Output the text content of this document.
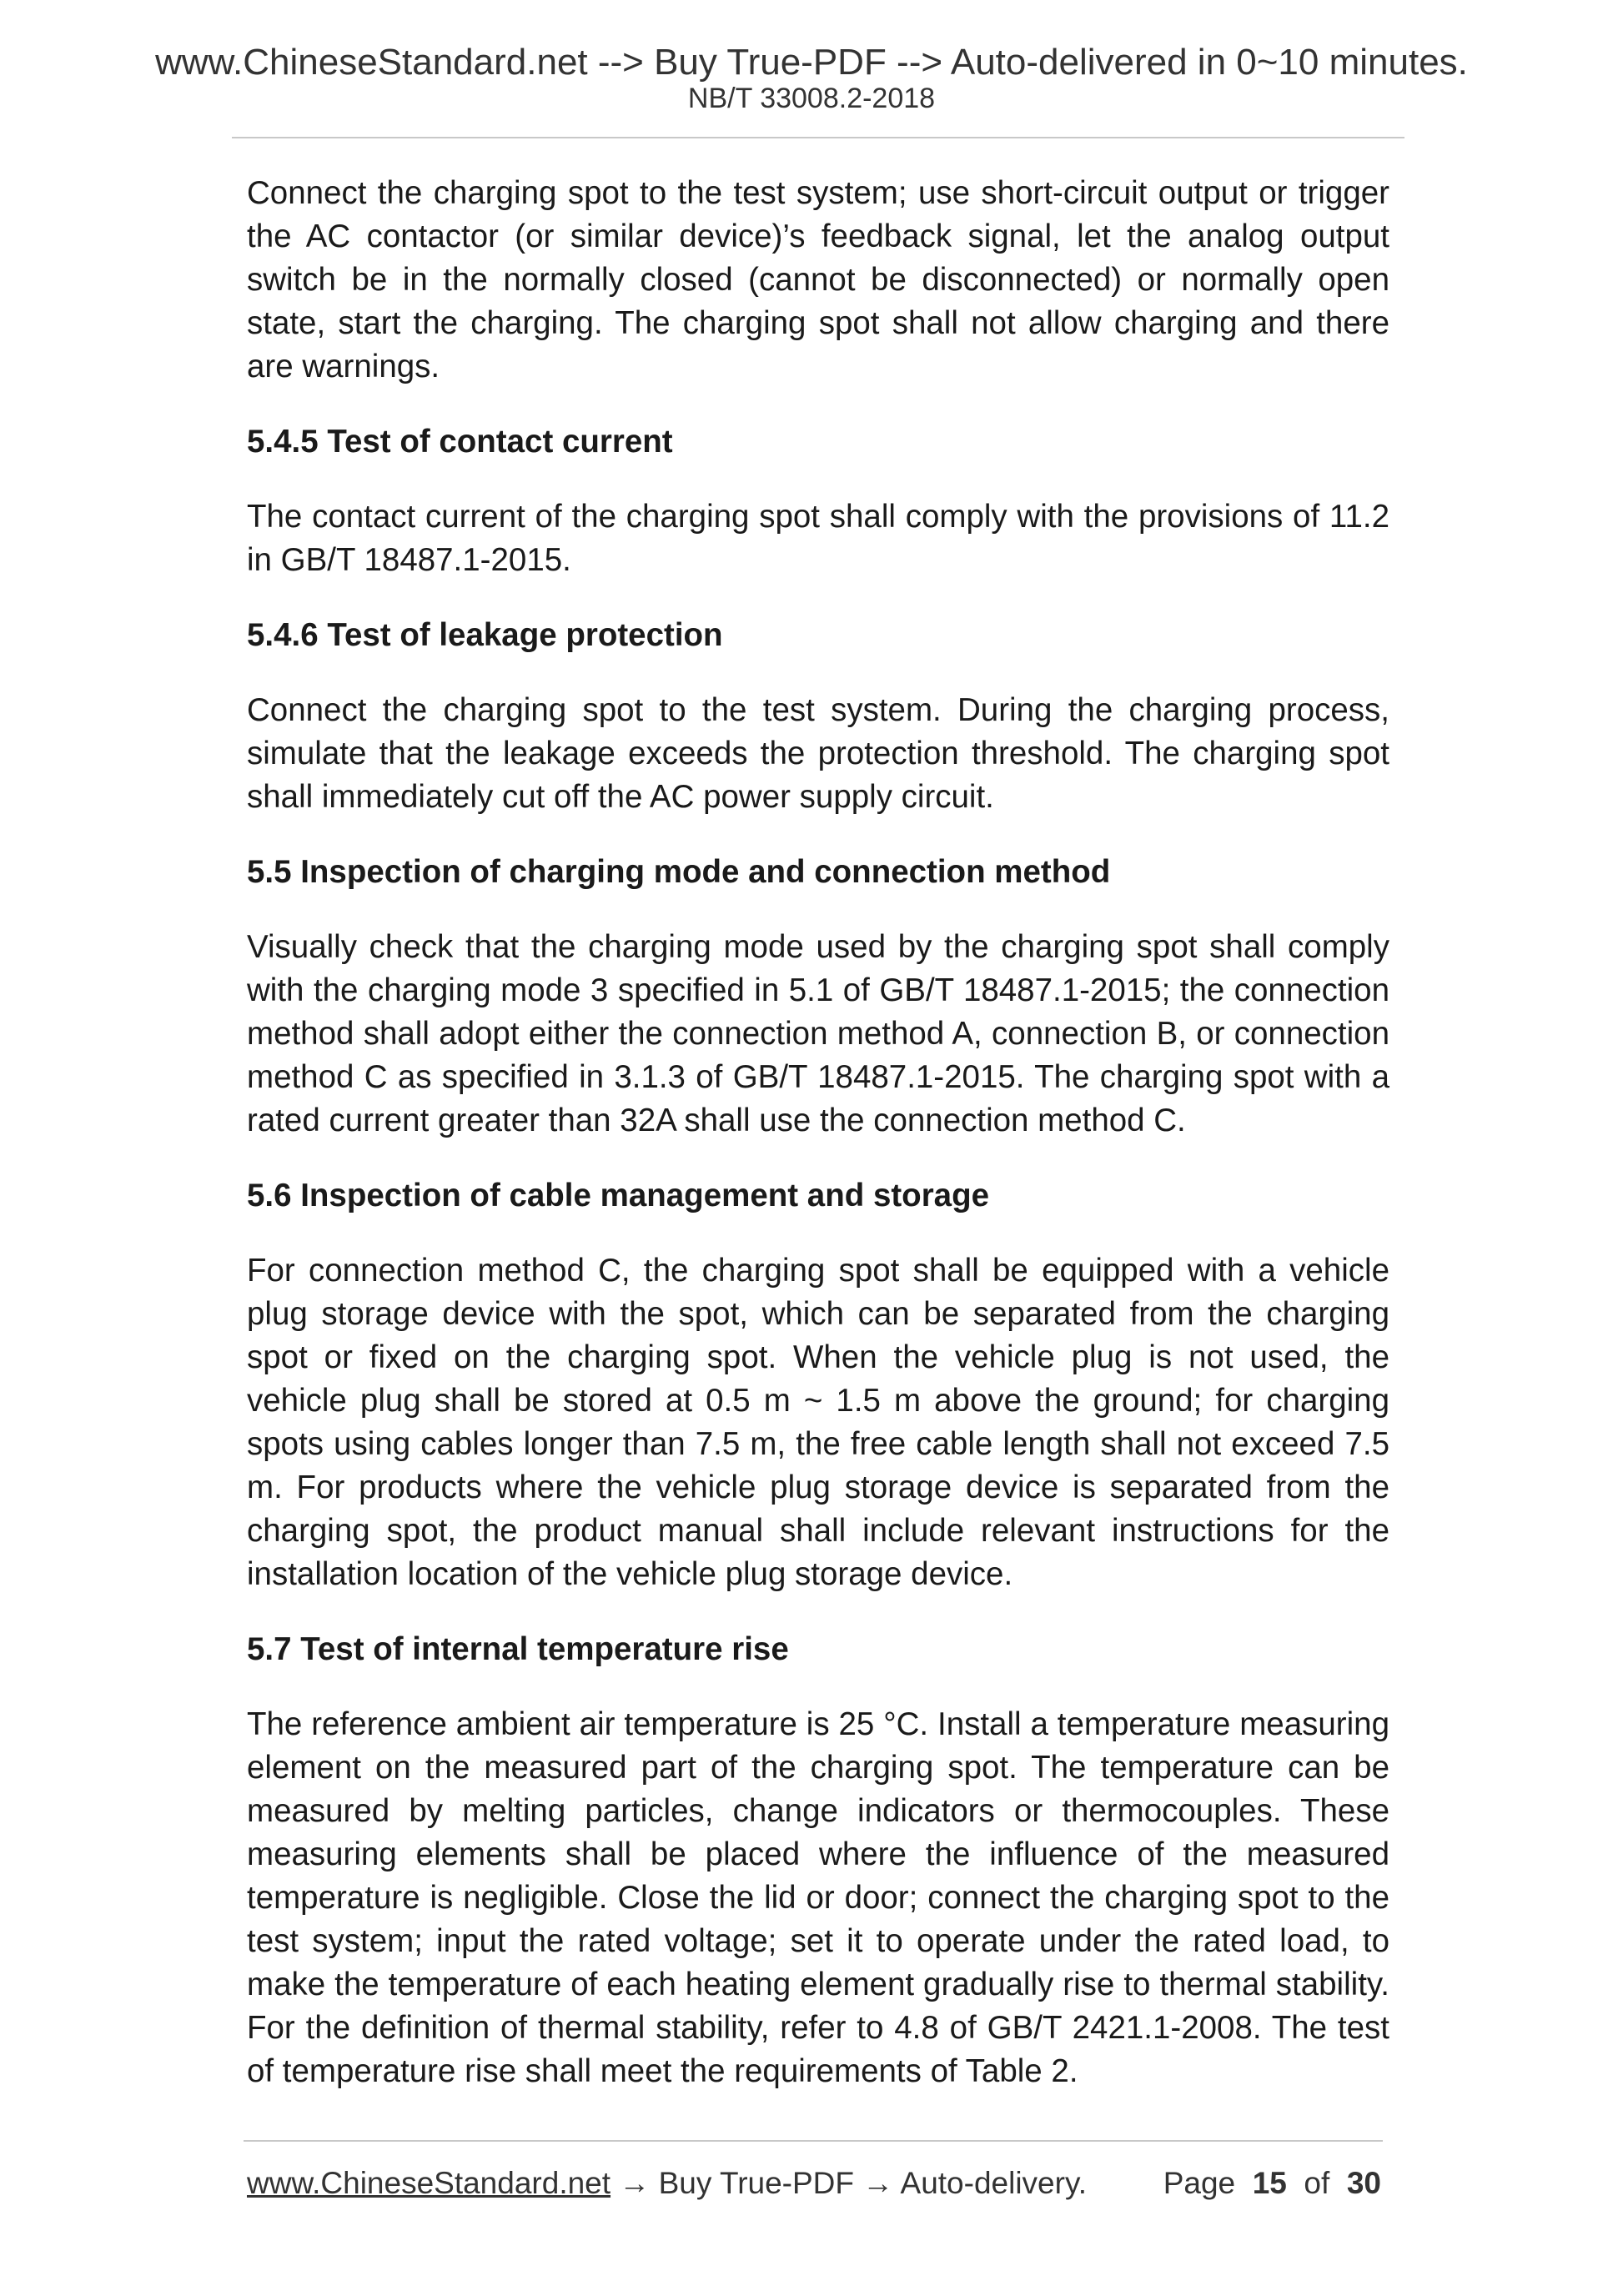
www.ChineseStandard.net --> Buy True-PDF --> Auto-delivered in 0~10 minutes.
NB/T 33008.2-2018

Connect the charging spot to the test system; use short-circuit output or trigger the AC contactor (or similar device)’s feedback signal, let the analog output switch be in the normally closed (cannot be disconnected) or normally open state, start the charging. The charging spot shall not allow charging and there are warnings.

5.4.5 Test of contact current

The contact current of the charging spot shall comply with the provisions of 11.2 in GB/T 18487.1-2015.

5.4.6 Test of leakage protection

Connect the charging spot to the test system. During the charging process, simulate that the leakage exceeds the protection threshold. The charging spot shall immediately cut off the AC power supply circuit.

5.5 Inspection of charging mode and connection method

Visually check that the charging mode used by the charging spot shall comply with the charging mode 3 specified in 5.1 of GB/T 18487.1-2015; the connection method shall adopt either the connection method A, connection B, or connection method C as specified in 3.1.3 of GB/T 18487.1-2015. The charging spot with a rated current greater than 32A shall use the connection method C.

5.6 Inspection of cable management and storage

For connection method C, the charging spot shall be equipped with a vehicle plug storage device with the spot, which can be separated from the charging spot or fixed on the charging spot. When the vehicle plug is not used, the vehicle plug shall be stored at 0.5 m ~ 1.5 m above the ground; for charging spots using cables longer than 7.5 m, the free cable length shall not exceed 7.5 m. For products where the vehicle plug storage device is separated from the charging spot, the product manual shall include relevant instructions for the installation location of the vehicle plug storage device.

5.7 Test of internal temperature rise

The reference ambient air temperature is 25 °C. Install a temperature measuring element on the measured part of the charging spot. The temperature can be measured by melting particles, change indicators or thermocouples. These measuring elements shall be placed where the influence of the measured temperature is negligible. Close the lid or door; connect the charging spot to the test system; input the rated voltage; set it to operate under the rated load, to make the temperature of each heating element gradually rise to thermal stability. For the definition of thermal stability, refer to 4.8 of GB/T 2421.1-2008. The test of temperature rise shall meet the requirements of Table 2.

www.ChineseStandard.net → Buy True-PDF → Auto-delivery. Page 15 of 30
